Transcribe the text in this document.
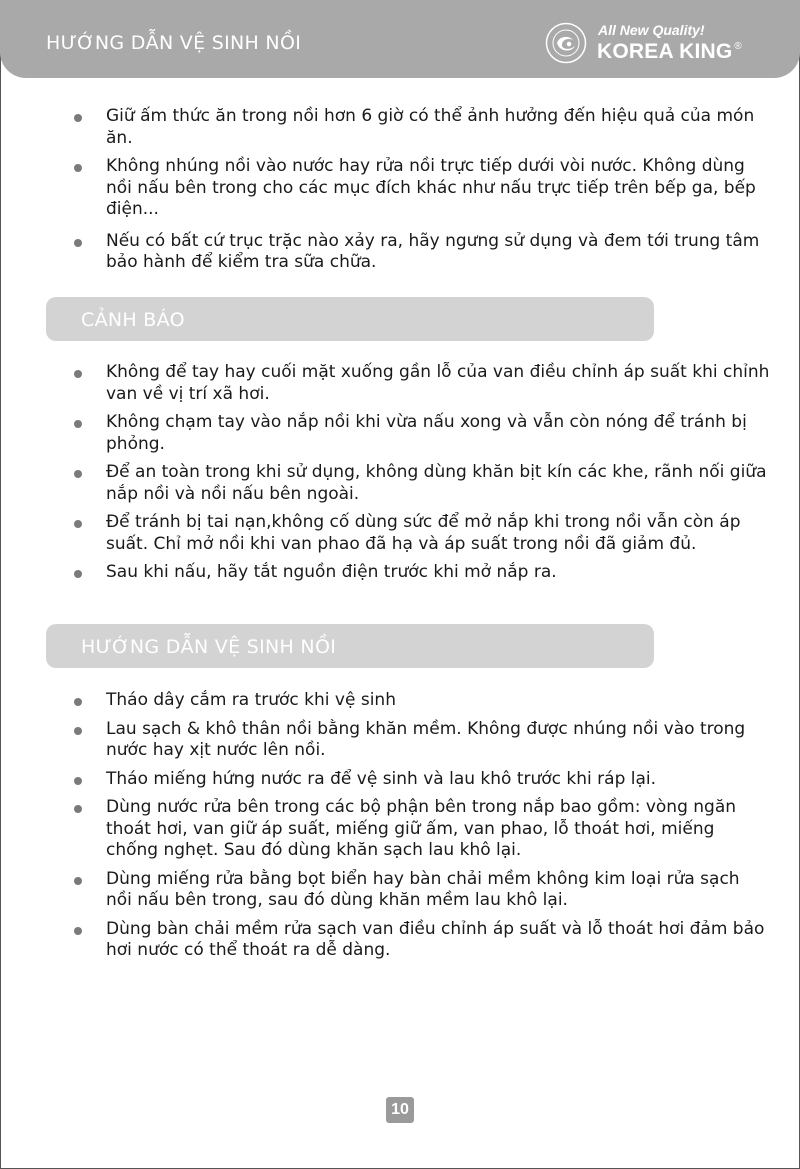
HƯỚNG DẪN VỆ SINH NỒI
All New Quality!
KOREA KING ®
Giữ ấm thức ăn trong nồi hơn 6 giờ có thể ảnh hưởng đến hiệu quả của món ăn.
Không nhúng nồi vào nước hay rửa nồi trực tiếp dưới vòi nước. Không dùng nồi nấu bên trong cho các mục đích khác như nấu trực tiếp trên bếp ga, bếp điện...
Nếu có bất cứ trục trặc nào xảy ra, hãy ngưng sử dụng và đem tới trung tâm bảo hành để kiểm tra sữa chữa.
CẢNH BÁO
Không để tay hay cuối mặt xuống gần lỗ của van điều chỉnh áp suất khi chỉnh van về vị trí xã hơi.
Không chạm tay vào nắp nồi khi vừa nấu xong và vẫn còn nóng để tránh bị phỏng.
Để an toàn trong khi sử dụng, không dùng khăn bịt kín các khe, rãnh nối giữa nắp nồi và nồi nấu bên ngoài.
Để tránh bị tai nạn,không cố dùng sức để mở nắp khi trong nồi vẫn còn áp suất. Chỉ mở nồi khi van phao đã hạ và áp suất trong nồi đã giảm đủ.
Sau khi nấu, hãy tắt nguồn điện trước khi mở nắp ra.
HƯỚNG DẪN VỆ SINH NỒI
Tháo dây cắm ra trước khi vệ sinh
Lau sạch & khô thân nồi bằng khăn mềm. Không được nhúng nồi vào trong nước hay xịt nước lên nồi.
Tháo miếng hứng nước ra để vệ sinh và lau khô trước khi ráp lại.
Dùng nước rửa bên trong các bộ phận bên trong nắp bao gồm: vòng ngăn thoát hơi, van giữ áp suất, miếng giữ ấm, van phao, lỗ thoát hơi, miếng chống nghẹt. Sau đó dùng khăn sạch lau khô lại.
Dùng miếng rửa bằng bọt biển hay bàn chải mềm không kim loại rửa sạch nồi nấu bên trong, sau đó dùng khăn mềm lau khô lại.
Dùng bàn chải mềm rửa sạch van điều chỉnh áp suất và lỗ thoát hơi đảm bảo hơi nước có thể thoát ra dễ dàng.
10
